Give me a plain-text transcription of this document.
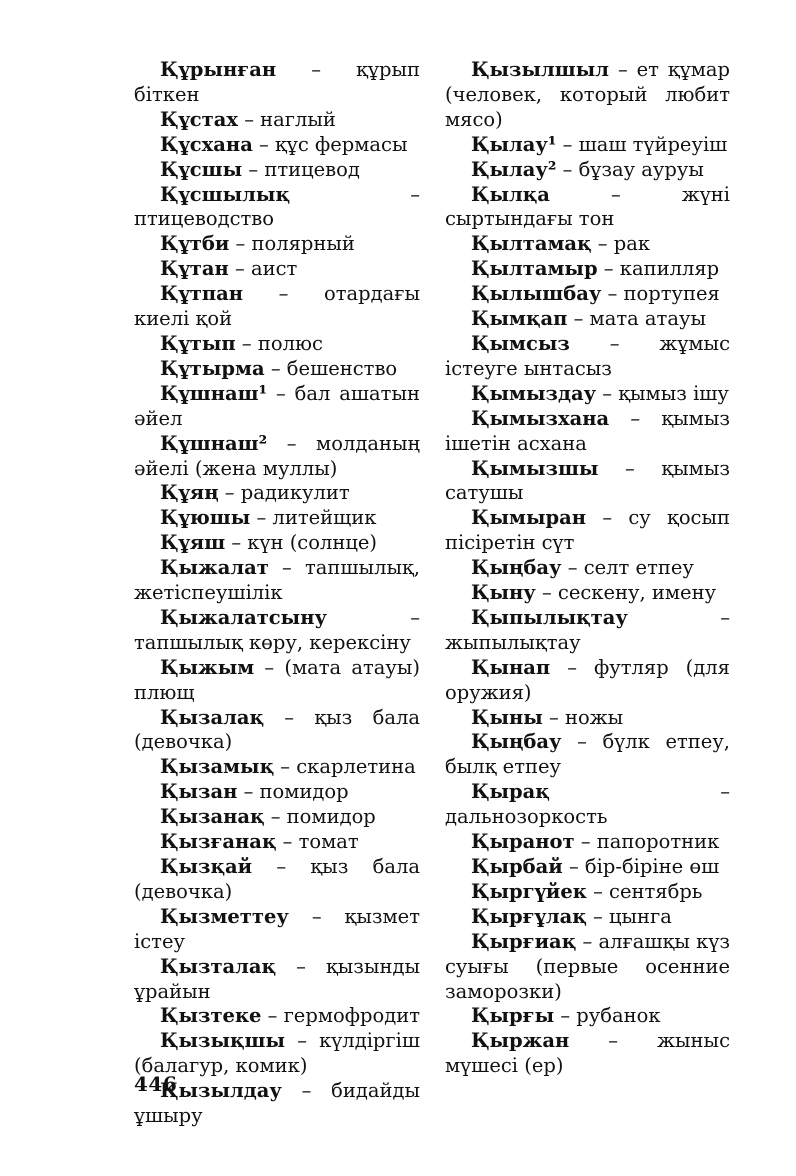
Құрынған – құрып біткен

Құстах – наглый

Құсхана – құс фермасы

Құсшы – птицевод

Құсшылық – птицеводство

Құтби – полярный

Құтан – аист

Құтпан – отардағы киелі қой

Құтып – полюс

Құтырма – бешенство

Құшнаш¹ – бал ашатын әйел

Құшнаш² – молданың әйелі (жена муллы)

Құяң – радикулит

Құюшы – литейщик

Құяш – күн (солнце)

Қыжалат – тапшылық, жетіспеушілік

Қыжалатсыну – тапшылық көру, керексіну

Қыжым – (мата атауы) плющ

Қызалақ – қыз бала (девочка)

Қызамық – скарлетина

Қызан – помидор

Қызанақ – помидор

Қызғанақ – томат

Қызқай – қыз бала (девочка)

Қызметтеу – қызмет істеу

Қызталақ – қызынды ұрайын

Қызтеке – гермофродит

Қызықшы – күлдіргіш (балагур, комик)

Қызылдау – бидайды ұшыру

Қызылшыл – ет құмар (человек, который любит мясо)

Қылау¹ – шаш түйреуіш

Қылау² – бұзау ауруы

Қылқа – жүні сыртындағы тон

Қылтамақ – рак

Қылтамыр – капилляр

Қылышбау – портупея

Қымқап – мата атауы

Қымсыз – жұмыс істеуге ынтасыз

Қымыздау – қымыз ішу

Қымызхана – қымыз ішетін асхана

Қымызшы – қымыз сатушы

Қымыран – су қосып пісіретін сүт

Қыңбау – селт етпеу

Қыну – сескену, имену

Қыпылықтау – жыпылықтау

Қынап – футляр (для оружия)

Қыны – ножы

Қыңбау – бүлк етпеу, былқ етпеу

Қырақ – дальнозоркость

Қыранот – папоротник

Қырбай – бір-біріне өш

Қыргүйек – сентябрь

Қырғұлақ – цынга

Қырғиақ – алғашқы күз суығы (первые осенние заморозки)

Қырғы – рубанок

Қыржан – жыныс мүшесі (ер)

446
